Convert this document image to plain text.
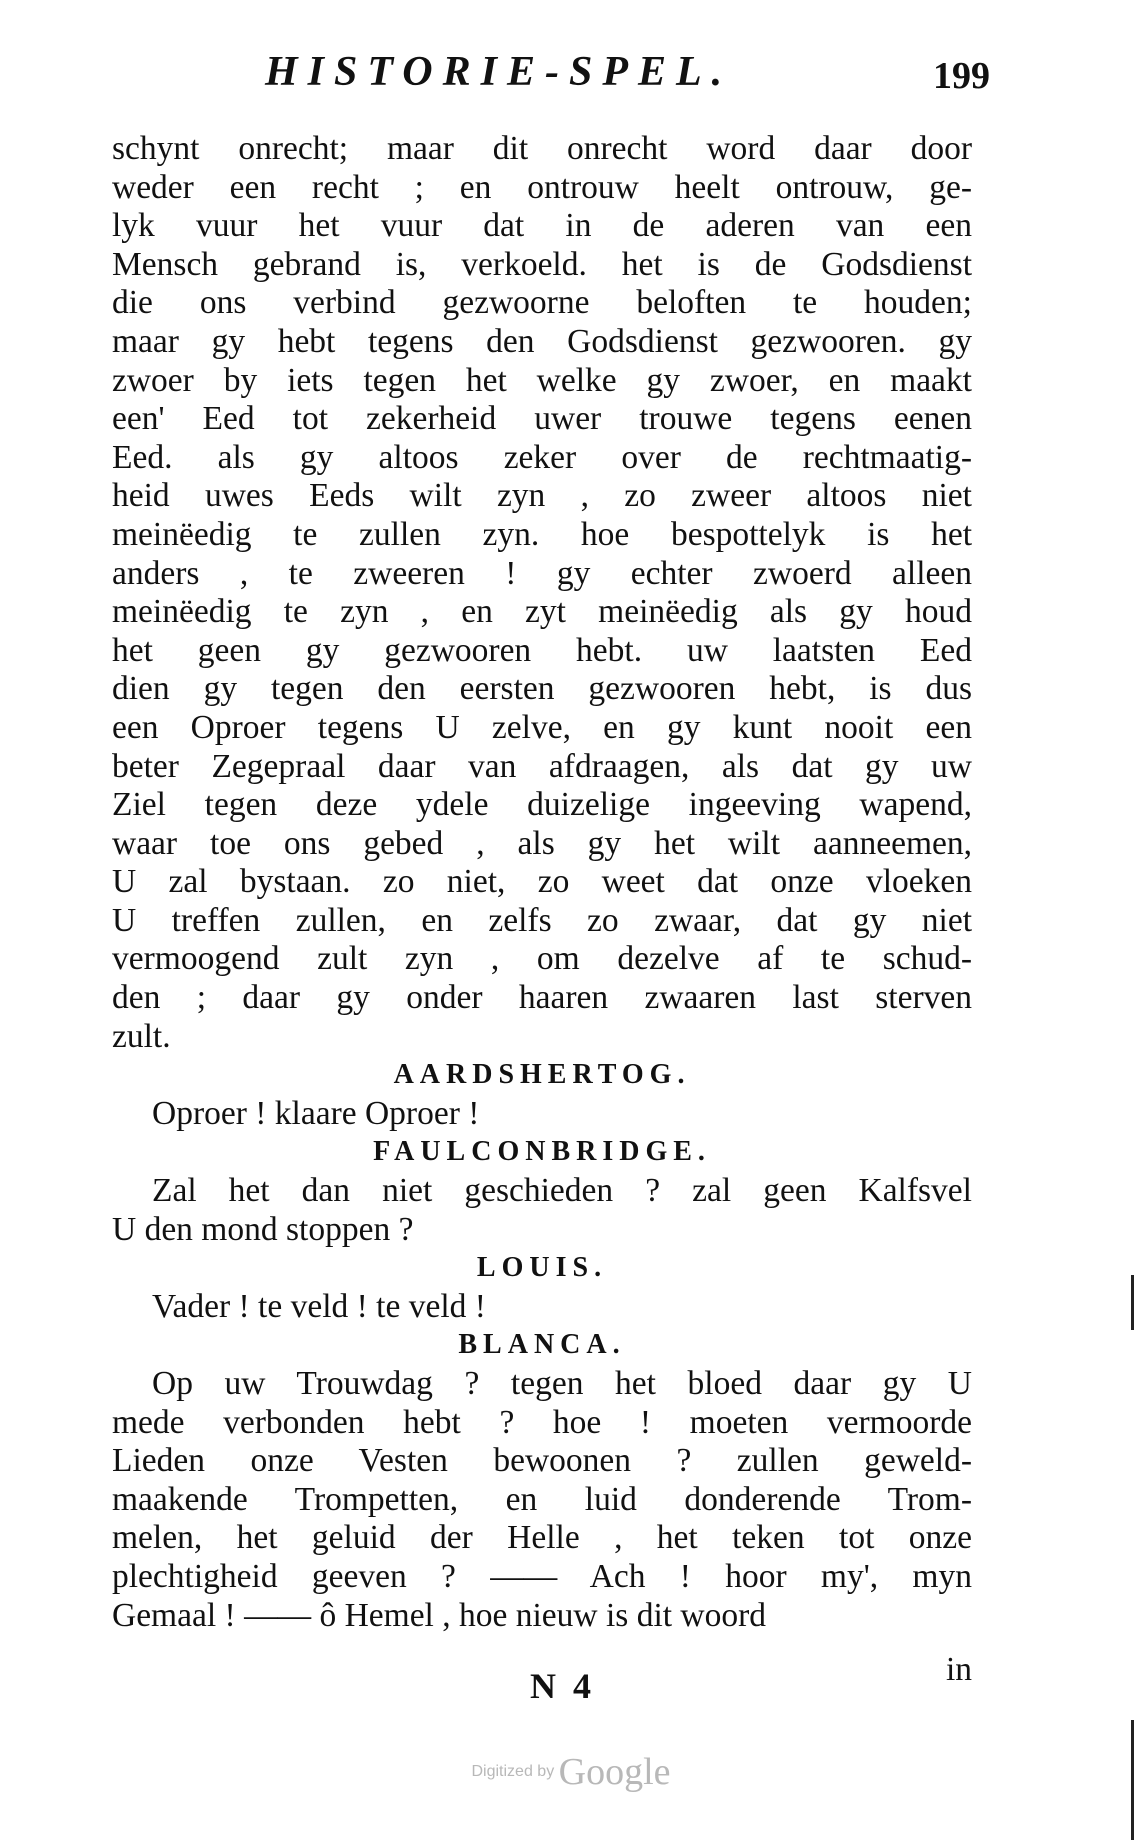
HISTORIE-SPEL.	199

schynt onrecht; maar dit onrecht word daar door

weder een recht ; en ontrouw heelt ontrouw, ge-

lyk vuur het vuur dat in de aderen van een

Mensch gebrand is, verkoeld. het is de Godsdienst

die ons verbind gezwoorne beloften te houden;

maar gy hebt tegens den Godsdienst gezwooren. gy

zwoer by iets tegen het welke gy zwoer, en maakt

een' Eed tot zekerheid uwer trouwe tegens eenen

Eed. als gy altoos zeker over de rechtmaatig-

heid uwes Eeds wilt zyn , zo zweer altoos niet

meinëedig te zullen zyn. hoe bespottelyk is het

anders , te zweeren ! gy echter zwoerd alleen

meinëedig te zyn , en zyt meinëedig als gy houd

het geen gy gezwooren hebt. uw laatsten Eed

dien gy tegen den eersten gezwooren hebt, is dus

een Oproer tegens U zelve, en gy kunt nooit een

beter Zegepraal daar van afdraagen, als dat gy uw

Ziel tegen deze ydele duizelige ingeeving wapend,

waar toe ons gebed , als gy het wilt aanneemen,

U zal bystaan. zo niet, zo weet dat onze vloeken

U treffen zullen, en zelfs zo zwaar, dat gy niet

vermoogend zult zyn , om dezelve af te schud-

den ; daar gy onder haaren zwaaren last sterven

zult.

AARDSHERTOG.

Oproer ! klaare Oproer !

FAULCONBRIDGE.

Zal het dan niet geschieden ? zal geen Kalfsvel

U den mond stoppen ?

LOUIS.

Vader ! te veld ! te veld !

BLANCA.

Op uw Trouwdag ? tegen het bloed daar gy U

mede verbonden hebt ? hoe ! moeten vermoorde

Lieden onze Vesten bewoonen ? zullen geweld-

maakende Trompetten, en luid donderende Trom-

melen, het geluid der Helle , het teken tot onze

plechtigheid geeven ? —— Ach ! hoor my', myn

Gemaal ! —— ô Hemel , hoe nieuw is dit woord

N 4	in
Digitized by Google
